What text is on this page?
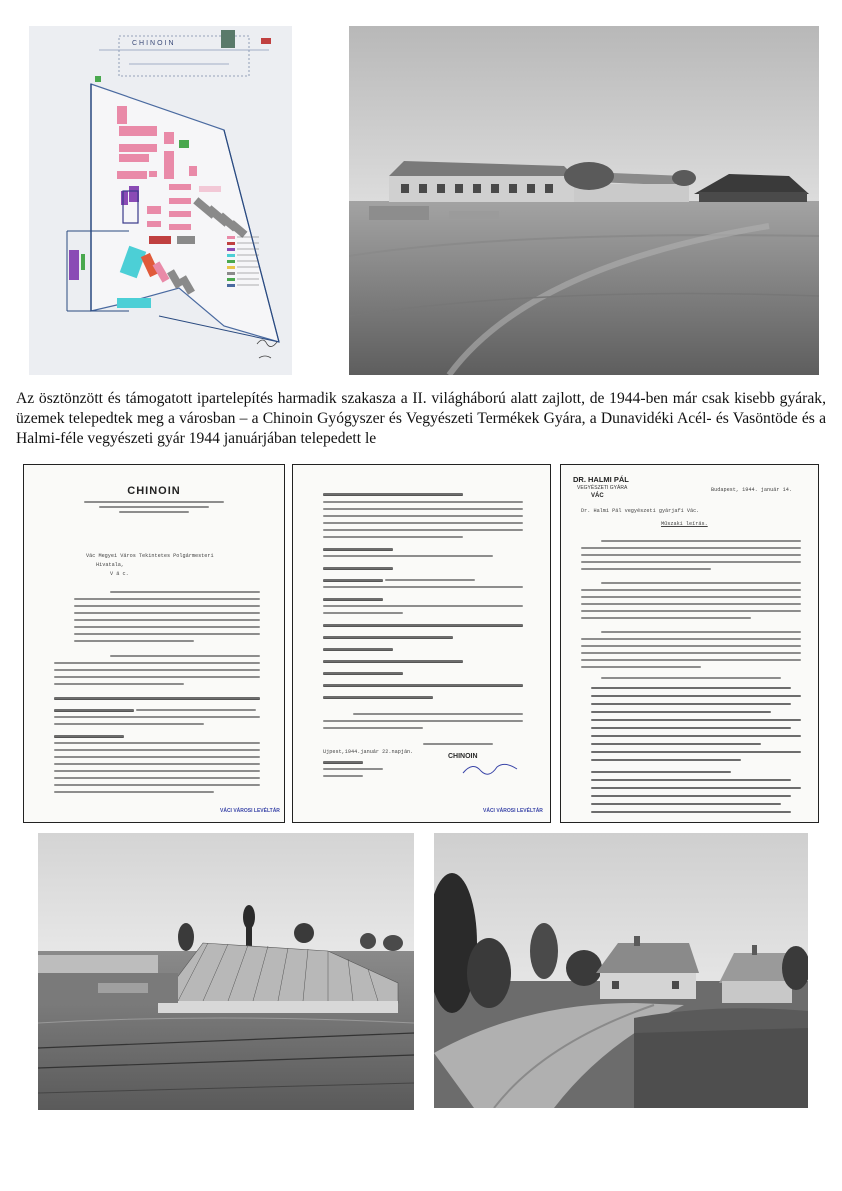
CHINOIN
Az ösztönzött és támogatott ipartelepítés harmadik szakasza a II. világháború alatt zajlott, de 1944-ben már csak kisebb gyárak, üzemek telepedtek meg a városban – a Chinoin Gyógyszer és Vegyészeti Termékek Gyára, a Dunavidéki Acél- és Vasöntöde és a Halmi-féle vegyészeti gyár 1944 januárjában telepedett le
CHINOIN
Vác Megyei Város Tekintetes Polgármesteri
Hivatala,
V á c.
VÁCI VÁROSI LEVÉLTÁR
Ujpest,1944.január 22.napján.
CHINOIN
VÁCI VÁROSI LEVÉLTÁR
DR. HALMI PÁL
VEGYÉSZETI GYÁRA
VÁC
Budapest, 1944. január 14.
Dr. Halmi Pál vegyészeti gyárjafi Vác.
Műszaki leírás.
